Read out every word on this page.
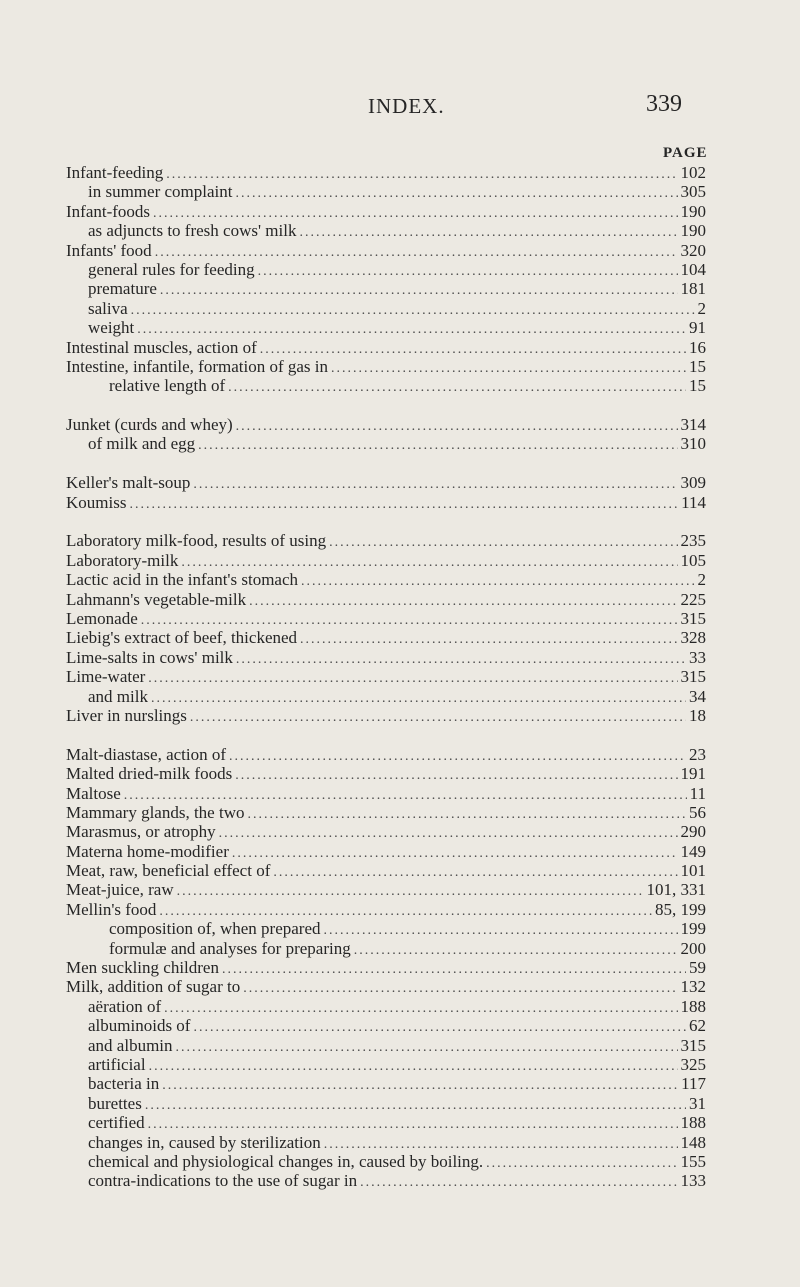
INDEX.	339
PAGE
Infant-feeding .....	102
in summer complaint .....	305
Infant-foods .....	190
as adjuncts to fresh cows' milk .....	190
Infants' food .....	320
general rules for feeding .....	104
premature .....	181
saliva .....	2
weight .....	91
Intestinal muscles, action of .....	16
Intestine, infantile, formation of gas in .....	15
relative length of .....	15
Junket (curds and whey) .....	314
of milk and egg .....	310
Keller's malt-soup .....	309
Koumiss .....	114
Laboratory milk-food, results of using .....	235
Laboratory-milk .....	105
Lactic acid in the infant's stomach .....	2
Lahmann's vegetable-milk .....	225
Lemonade .....	315
Liebig's extract of beef, thickened .....	328
Lime-salts in cows' milk .....	33
Lime-water .....	315
and milk .....	34
Liver in nurslings .....	18
Malt-diastase, action of .....	23
Malted dried-milk foods .....	191
Maltose .....	11
Mammary glands, the two .....	56
Marasmus, or atrophy .....	290
Materna home-modifier .....	149
Meat, raw, beneficial effect of .....	101
Meat-juice, raw .....	101, 331
Mellin's food .....	85, 199
composition of, when prepared .....	199
formulæ and analyses for preparing .....	200
Men suckling children .....	59
Milk, addition of sugar to .....	132
aëration of .....	188
albuminoids of .....	62
and albumin .....	315
artificial .....	325
bacteria in .....	117
burettes .....	31
certified .....	188
changes in, caused by sterilization .....	148
chemical and physiological changes in, caused by boiling. .....	155
contra-indications to the use of sugar in .....	133
